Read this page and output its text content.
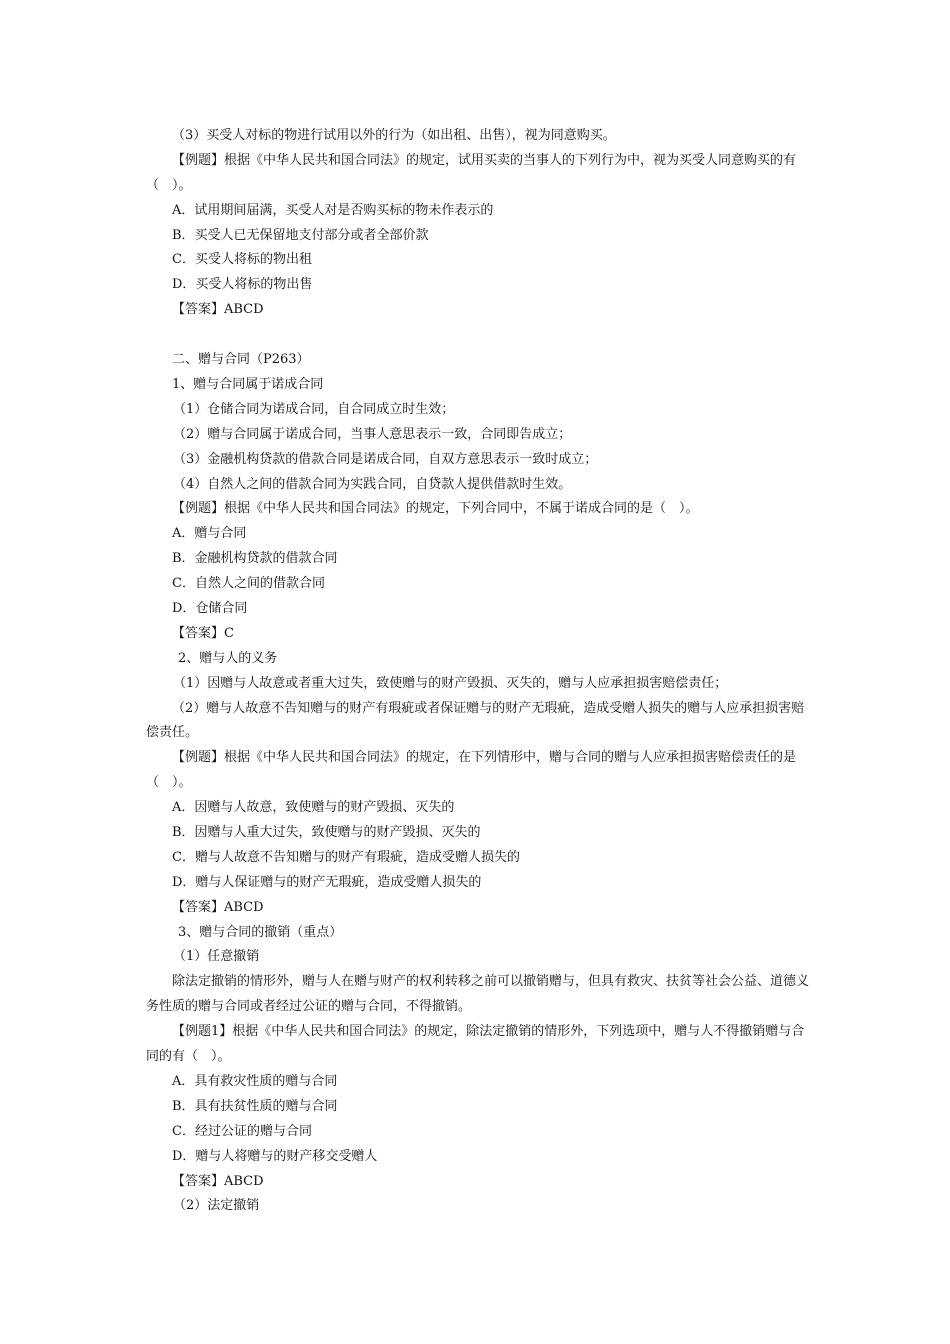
（3）买受人对标的物进行试用以外的行为（如出租、出售），视为同意购买。
【例题】根据《中华人民共和国合同法》的规定，试用买卖的当事人的下列行为中，视为买受人同意购买的有（　）。
A．试用期间届满，买受人对是否购买标的物未作表示的
B．买受人已无保留地支付部分或者全部价款
C．买受人将标的物出租
D．买受人将标的物出售
【答案】ABCD
二、赠与合同（P263）
1、赠与合同属于诺成合同
（1）仓储合同为诺成合同，自合同成立时生效；
（2）赠与合同属于诺成合同，当事人意思表示一致，合同即告成立；
（3）金融机构贷款的借款合同是诺成合同，自双方意思表示一致时成立；
（4）自然人之间的借款合同为实践合同，自贷款人提供借款时生效。
【例题】根据《中华人民共和国合同法》的规定，下列合同中，不属于诺成合同的是（　）。
A．赠与合同
B．金融机构贷款的借款合同
C．自然人之间的借款合同
D．仓储合同
【答案】C
2、赠与人的义务
（1）因赠与人故意或者重大过失，致使赠与的财产毁损、灭失的，赠与人应承担损害赔偿责任；
（2）赠与人故意不告知赠与的财产有瑕疵或者保证赠与的财产无瑕疵，造成受赠人损失的赠与人应承担损害赔偿责任。
【例题】根据《中华人民共和国合同法》的规定，在下列情形中，赠与合同的赠与人应承担损害赔偿责任的是（　）。
A．因赠与人故意，致使赠与的财产毁损、灭失的
B．因赠与人重大过失，致使赠与的财产毁损、灭失的
C．赠与人故意不告知赠与的财产有瑕疵，造成受赠人损失的
D．赠与人保证赠与的财产无瑕疵，造成受赠人损失的
【答案】ABCD
3、赠与合同的撤销（重点）
（1）任意撤销
除法定撤销的情形外，赠与人在赠与财产的权利转移之前可以撤销赠与，但具有救灾、扶贫等社会公益、道德义务性质的赠与合同或者经过公证的赠与合同，不得撤销。
【例题1】根据《中华人民共和国合同法》的规定，除法定撤销的情形外，下列选项中，赠与人不得撤销赠与合同的有（　）。
A．具有救灾性质的赠与合同
B．具有扶贫性质的赠与合同
C．经过公证的赠与合同
D．赠与人将赠与的财产移交受赠人
【答案】ABCD
（2）法定撤销
